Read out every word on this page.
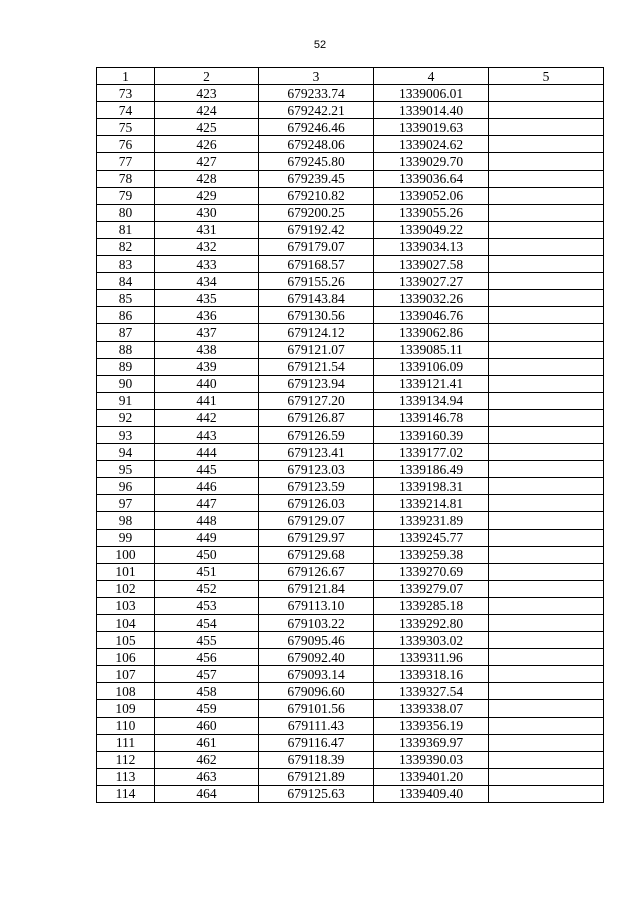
52
1	2	3	4	5
73	423	679233.74	1339006.01	
74	424	679242.21	1339014.40	
75	425	679246.46	1339019.63	
76	426	679248.06	1339024.62	
77	427	679245.80	1339029.70	
78	428	679239.45	1339036.64	
79	429	679210.82	1339052.06	
80	430	679200.25	1339055.26	
81	431	679192.42	1339049.22	
82	432	679179.07	1339034.13	
83	433	679168.57	1339027.58	
84	434	679155.26	1339027.27	
85	435	679143.84	1339032.26	
86	436	679130.56	1339046.76	
87	437	679124.12	1339062.86	
88	438	679121.07	1339085.11	
89	439	679121.54	1339106.09	
90	440	679123.94	1339121.41	
91	441	679127.20	1339134.94	
92	442	679126.87	1339146.78	
93	443	679126.59	1339160.39	
94	444	679123.41	1339177.02	
95	445	679123.03	1339186.49	
96	446	679123.59	1339198.31	
97	447	679126.03	1339214.81	
98	448	679129.07	1339231.89	
99	449	679129.97	1339245.77	
100	450	679129.68	1339259.38	
101	451	679126.67	1339270.69	
102	452	679121.84	1339279.07	
103	453	679113.10	1339285.18	
104	454	679103.22	1339292.80	
105	455	679095.46	1339303.02	
106	456	679092.40	1339311.96	
107	457	679093.14	1339318.16	
108	458	679096.60	1339327.54	
109	459	679101.56	1339338.07	
110	460	679111.43	1339356.19	
111	461	679116.47	1339369.97	
112	462	679118.39	1339390.03	
113	463	679121.89	1339401.20	
114	464	679125.63	1339409.40	
